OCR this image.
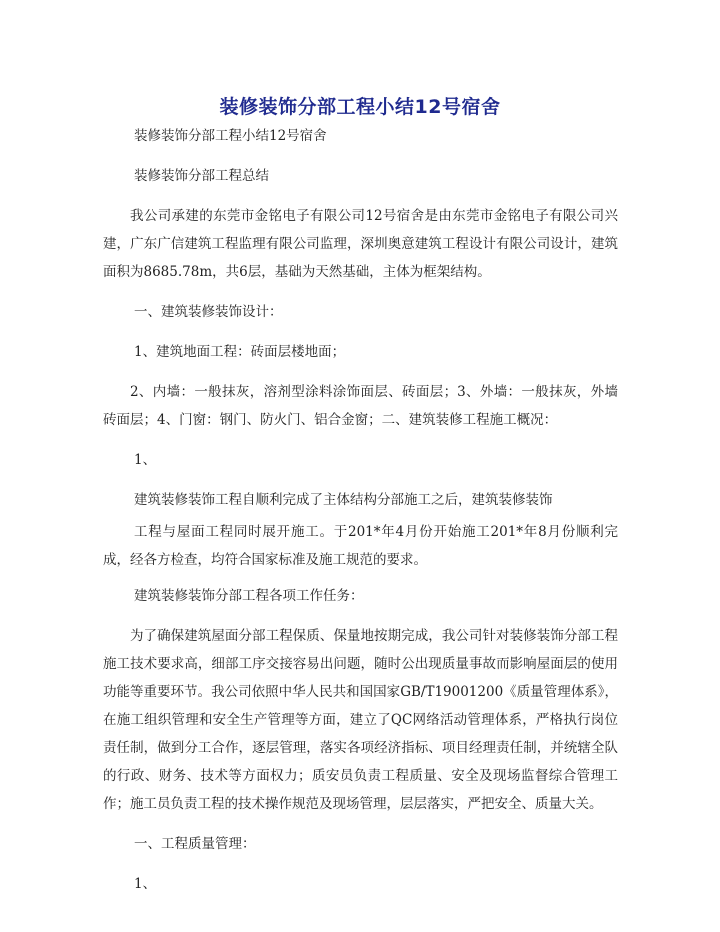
装修装饰分部工程小结12号宿舍

装修装饰分部工程小结12号宿舍

装修装饰分部工程总结

我公司承建的东莞市金铭电子有限公司12号宿舍是由东莞市金铭电子有限公司兴建，广东广信建筑工程监理有限公司监理，深圳奥意建筑工程设计有限公司设计，建筑面积为8685.78m，共6层，基础为天然基础，主体为框架结构。

一、建筑装修装饰设计：

1、建筑地面工程：砖面层楼地面；

2、内墙：一般抹灰，溶剂型涂料涂饰面层、砖面层；3、外墙：一般抹灰，外墙砖面层；4、门窗：钢门、防火门、铝合金窗；二、建筑装修工程施工概况：

1、

建筑装修装饰工程自顺利完成了主体结构分部施工之后，建筑装修装饰

工程与屋面工程同时展开施工。于201*年4月份开始施工201*年8月份顺利完成，经各方检查，均符合国家标准及施工规范的要求。

建筑装修装饰分部工程各项工作任务：

为了确保建筑屋面分部工程保质、保量地按期完成，我公司针对装修装饰分部工程施工技术要求高，细部工序交接容易出问题，随时公出现质量事故而影响屋面层的使用功能等重要环节。我公司依照中华人民共和国国家GB/T19001200《质量管理体系》，在施工组织管理和安全生产管理等方面，建立了QC网络活动管理体系，严格执行岗位责任制，做到分工合作，逐层管理，落实各项经济指标、项目经理责任制，并统辖全队的行政、财务、技术等方面权力；质安员负责工程质量、安全及现场监督综合管理工作；施工员负责工程的技术操作规范及现场管理，层层落实，严把安全、质量大关。

一、工程质量管理：

1、
